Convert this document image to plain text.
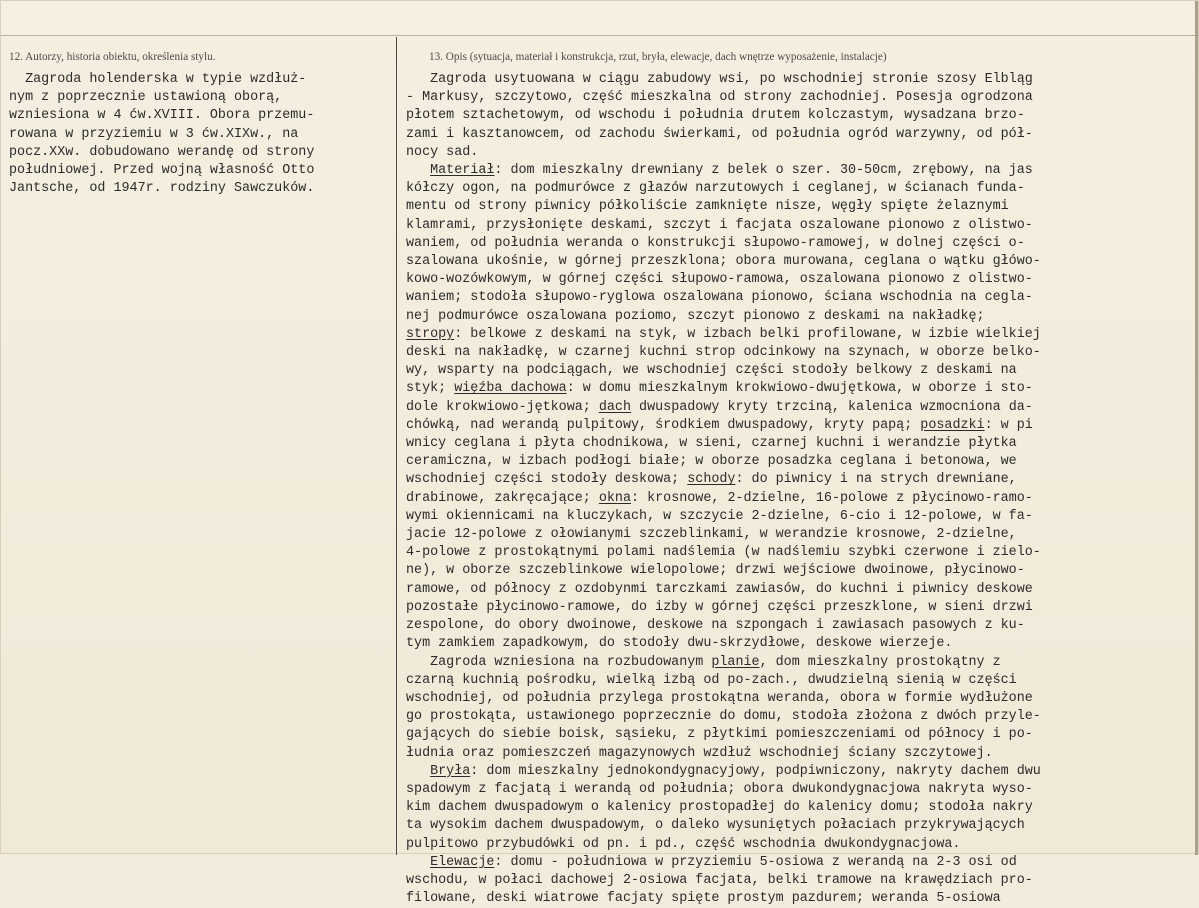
12. Autorzy, historia obiektu, określenia stylu.	13. Opis (sytuacja, materiał i konstrukcja, rzut, bryła, elewacje, dach wnętrze wyposażenie, instalacje)
Zagroda holenderska w typie wzdłuż-
nym z poprzecznie ustawioną oborą,
wzniesiona w 4 ćw.XVIII. Obora przemu-
rowana w przyziemiu w 3 ćw.XIXw., na
pocz.XXw. dobudowano werandę od strony
południowej. Przed wojną własność Otto
Jantsche, od 1947r. rodziny Sawczuków.
Zagroda usytuowana w ciągu zabudowy wsi, po wschodniej stronie szosy Elbląg
- Markusy, szczytowo, część mieszkalna od strony zachodniej. Posesja ogrodzona
płotem sztachetowym, od wschodu i południa drutem kolczastym, wysadzana brzo-
zami i kasztanowcem, od zachodu świerkami, od południa ogród warzywny, od pół-
nocy sad.
Materiał: dom mieszkalny drewniany z belek o szer. 30-50cm, zrębowy, na jas
kółczy ogon, na podmurówce z głazów narzutowych i ceglanej, w ścianach funda-
mentu od strony piwnicy półkoliście zamknięte nisze, węgły spięte żelaznymi
klamrami, przysłonięte deskami, szczyt i facjata oszalowane pionowo z olistwo-
waniem, od południa weranda o konstrukcji słupowo-ramowej, w dolnej części o-
szalowana ukośnie, w górnej przeszklona; obora murowana, ceglana o wątku główo-
kowo-wozówkowym, w górnej części słupowo-ramowa, oszalowana pionowo z olistwo-
waniem; stodoła słupowo-ryglowa oszalowana pionowo, ściana wschodnia na cegla-
nej podmurówce oszalowana poziomo, szczyt pionowo z deskami na nakładkę;
stropy: belkowe z deskami na styk, w izbach belki profilowane, w izbie wielkiej
deski na nakładkę, w czarnej kuchni strop odcinkowy na szynach, w oborze belko-
wy, wsparty na podciągach, we wschodniej części stodoły belkowy z deskami na
styk; więźba dachowa: w domu mieszkalnym krokwiowo-dwujętkowa, w oborze i sto-
dole krokwiowo-jętkowa; dach dwuspadowy kryty trzciną, kalenica wzmocniona da-
chówką, nad werandą pulpitowy, środkiem dwuspadowy, kryty papą; posadzki: w pi
wnicy ceglana i płyta chodnikowa, w sieni, czarnej kuchni i werandzie płytka
ceramiczna, w izbach podłogi białe; w oborze posadzka ceglana i betonowa, we
wschodniej części stodoły deskowa; schody: do piwnicy i na strych drewniane,
drabinowe, zakręcające; okna: krosnowe, 2-dzielne, 16-polowe z płycinowo-ramo-
wymi okiennicami na kluczykach, w szczycie 2-dzielne, 6-cio i 12-polowe, w fa-
jacie 12-polowe z ołowianymi szczeblinkami, w werandzie krosnowe, 2-dzielne,
4-polowe z prostokątnymi polami nadślemia (w nadślemiu szybki czerwone i zielo-
ne), w oborze szczeblinkowe wielopolowe; drzwi wejściowe dwoinowe, płycinowo-
ramowe, od północy z ozdobynmi tarczkami zawiasów, do kuchni i piwnicy deskowe
pozostałe płycinowo-ramowe, do izby w górnej części przeszklone, w sieni drzwi
zespolone, do obory dwoinowe, deskowe na szpongach i zawiasach pasowych z ku-
tym zamkiem zapadkowym, do stodoły dwu-skrzydłowe, deskowe wierzeje.
Zagroda wzniesiona na rozbudowanym planie, dom mieszkalny prostokątny z
czarną kuchnią pośrodku, wielką izbą od po-zach., dwudzielną sienią w części
wschodniej, od południa przylega prostokątna weranda, obora w formie wydłużone
go prostokąta, ustawionego poprzecznie do domu, stodoła złożona z dwóch przyle-
gających do siebie boisk, sąsieku, z płytkimi pomieszczeniami od północy i po-
łudnia oraz pomieszczeń magazynowych wzdłuż wschodniej ściany szczytowej.
Bryła: dom mieszkalny jednokondygnacyjowy, podpiwniczony, nakryty dachem dwu
spadowym z facjatą i werandą od południa; obora dwukondygnacjowa nakryta wyso-
kim dachem dwuspadowym o kalenicy prostopadłej do kalenicy domu; stodoła nakry
ta wysokim dachem dwuspadowym, o daleko wysuniętych połaciach przykrywających
pulpitowo przybudówki od pn. i pd., część wschodnia dwukondygnacjowa.
Elewacje: domu - południowa w przyziemiu 5-osiowa z werandą na 2-3 osi od
wschodu, w połaci dachowej 2-osiowa facjata, belki tramowe na krawędziach pro-
filowane, deski wiatrowe facjaty spięte prostym pazdurem; weranda 5-osiowa
